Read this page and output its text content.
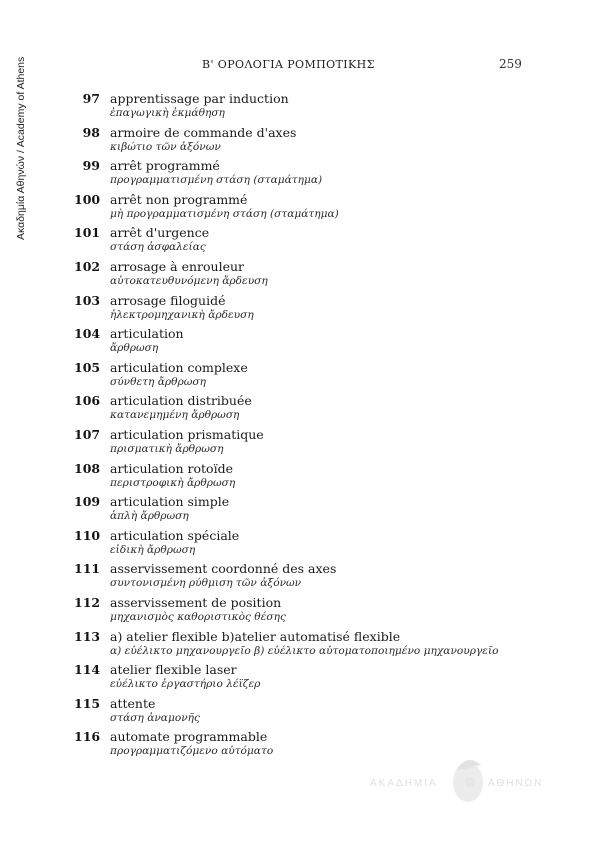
Ακαδημία Αθηνών / Academy of Athens	Β' ΟΡΟΛΟΓΙΑ ΡΟΜΠΟΤΙΚΗΣ	259
97 apprentissage par induction
ἐπαγωγικὴ ἐκμάθηση
98 armoire de commande d'axes
κιβώτιο τῶν ἀξόνων
99 arrêt programmé
προγραμματισμένη στάση (σταμάτημα)
100 arrêt non programmé
μὴ προγραμματισμένη στάση (σταμάτημα)
101 arrêt d'urgence
στάση ἀσφαλείας
102 arrosage à enrouleur
αὐτοκατευθυνόμενη ἄρδευση
103 arrosage filoguidé
ἠλεκτρομηχανικὴ ἄρδευση
104 articulation
ἄρθρωση
105 articulation complexe
σύνθετη ἄρθρωση
106 articulation distribuée
κατανεμημένη ἄρθρωση
107 articulation prismatique
πρισματικὴ ἄρθρωση
108 articulation rotoïde
περιστροφικὴ ἄρθρωση
109 articulation simple
ἁπλὴ ἄρθρωση
110 articulation spéciale
εἰδικὴ ἄρθρωση
111 asservissement coordonné des axes
συντονισμένη ρύθμιση τῶν ἀξόνων
112 asservissement de position
μηχανισμὸς καθοριστικὸς θέσης
113 a) atelier flexible b)atelier automatisé flexible
α) εὐέλικτο μηχανουργεῖο β) εὐέλικτο αὐτοματοποιημένο μηχανουργεῖο
114 atelier flexible laser
εὐέλικτο ἐργαστήριο λέϊζερ
115 attente
στάση ἀναμονῆς
116 automate programmable
προγραμματιζόμενο αὐτόματο
ΑΚΑΔΗΜΙΑ	ΑΘΗΝΩΝ
